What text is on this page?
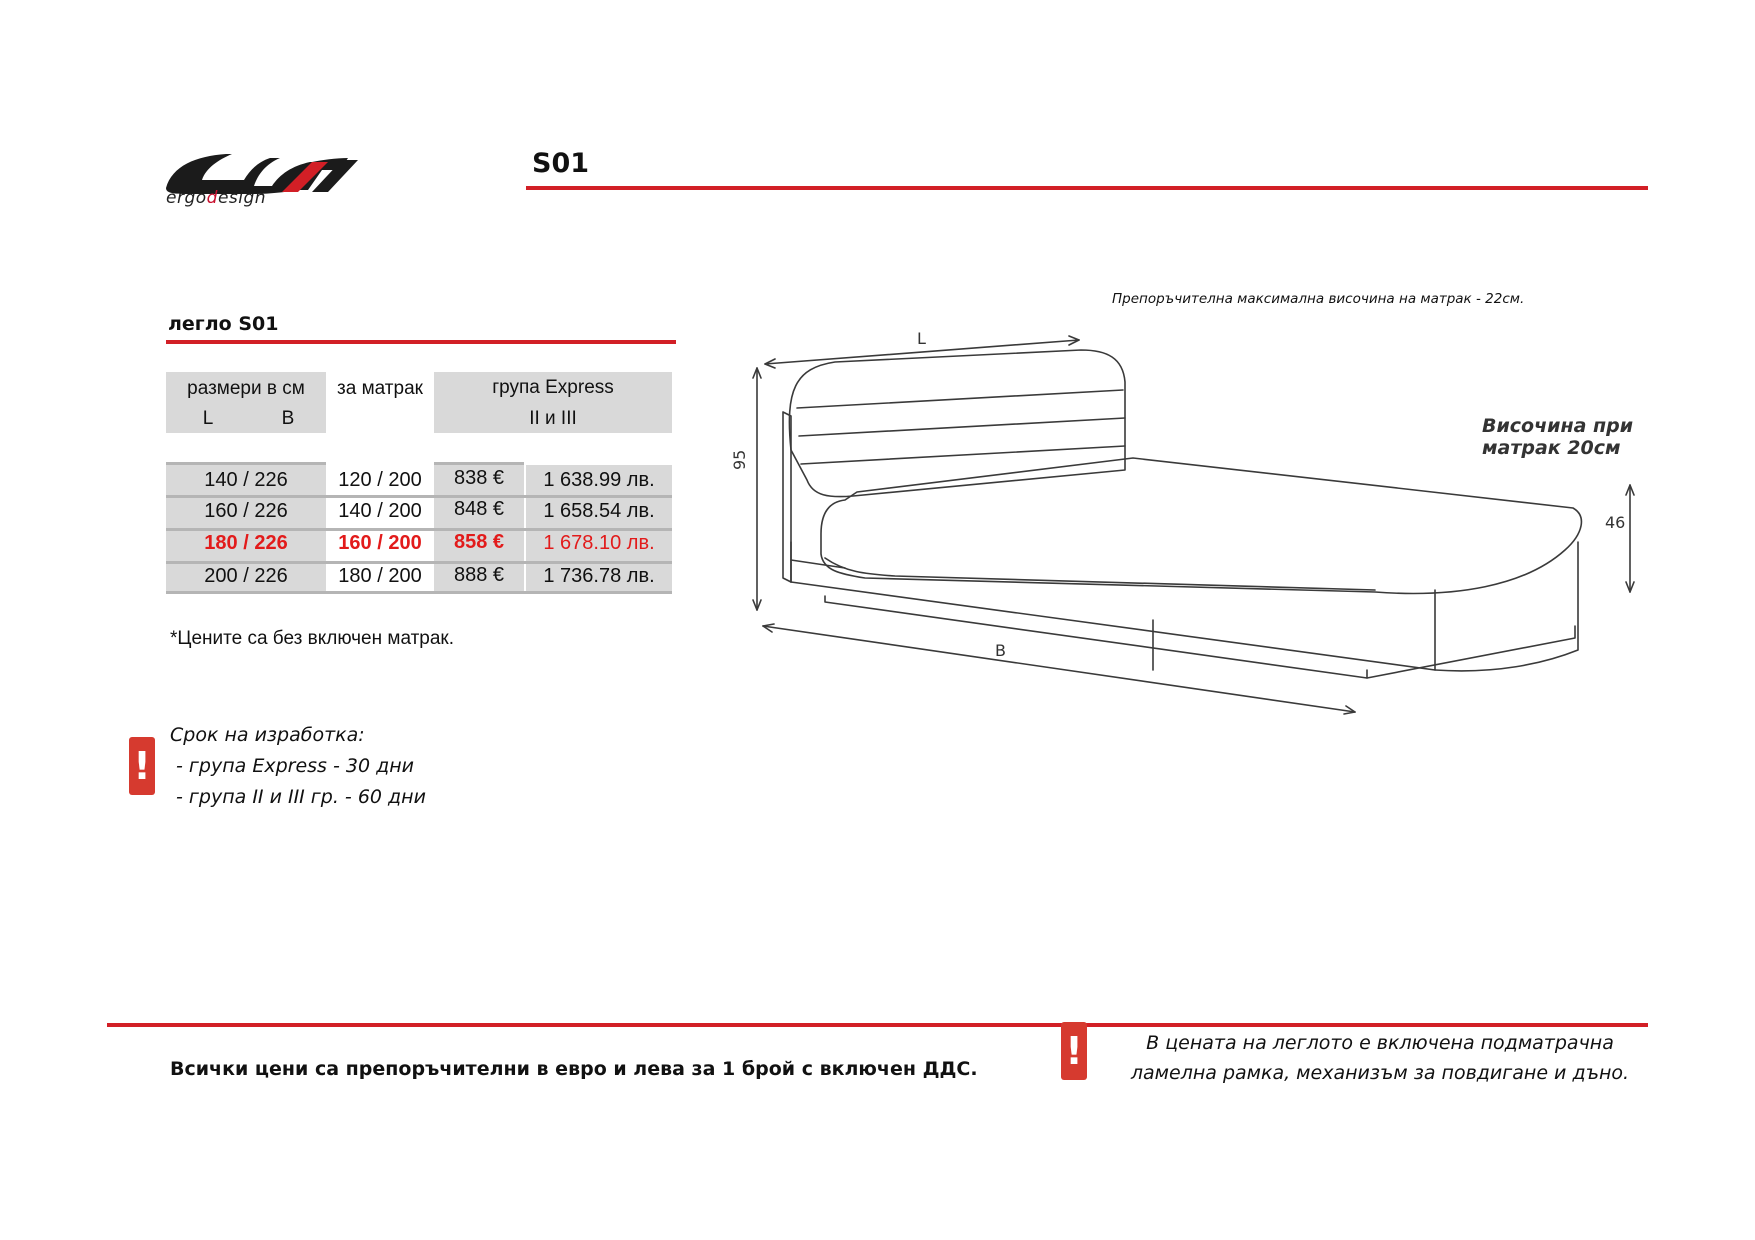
ergodesign
S01
легло S01
размери в см
L	B
за матрак	група Express
II и III
140 / 226	120 / 200	838 €	1 638.99 лв.
160 / 226	140 / 200	848 €	1 658.54 лв.
180 / 226	160 / 200	858 €	1 678.10 лв.
200 / 226	180 / 200	888 €	1 736.78 лв.
*Цените са без включен матрак.
!
Срок на изработка:
- група Express - 30 дни
- група II и III гр. - 60 дни
Препоръчителна максимална височина на матрак - 22см.
Височина при
матрак 20см
L
95
46
B
Всички цени са препоръчителни в евро и лева за 1 брой с включен ДДС. !	В цената на леглото е включена подматрачна
ламелна рамка, механизъм за повдигане и дъно.
